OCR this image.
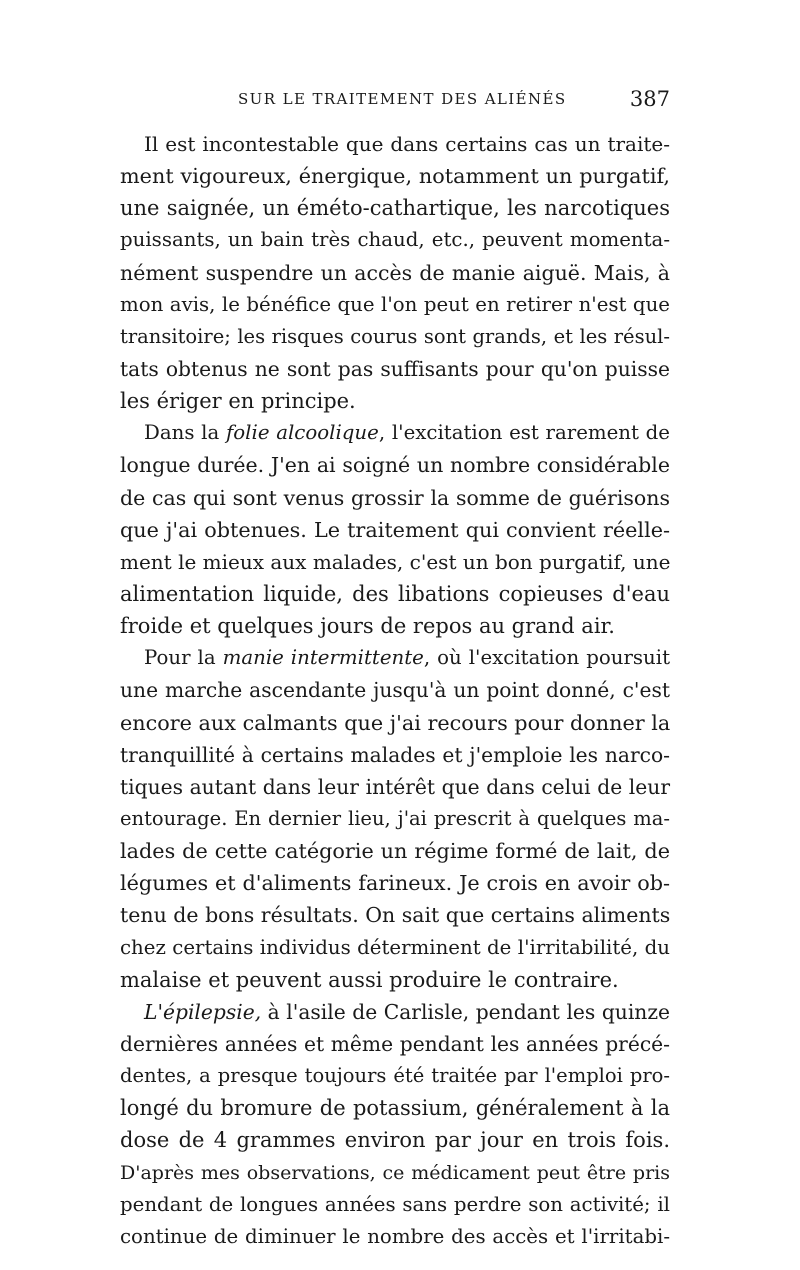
SUR LE TRAITEMENT DES ALIÉNÉS	387
Il est incontestable que dans certains cas un traite-
ment vigoureux, énergique, notamment un purgatif,
une saignée, un éméto-cathartique, les narcotiques
puissants, un bain très chaud, etc., peuvent momenta-
nément suspendre un accès de manie aiguë. Mais, à
mon avis, le bénéfice que l'on peut en retirer n'est que
transitoire; les risques courus sont grands, et les résul-
tats obtenus ne sont pas suffisants pour qu'on puisse
les ériger en principe.
Dans la folie alcoolique, l'excitation est rarement de
longue durée. J'en ai soigné un nombre considérable
de cas qui sont venus grossir la somme de guérisons
que j'ai obtenues. Le traitement qui convient réelle-
ment le mieux aux malades, c'est un bon purgatif, une
alimentation liquide, des libations copieuses d'eau
froide et quelques jours de repos au grand air.
Pour la manie intermittente, où l'excitation poursuit
une marche ascendante jusqu'à un point donné, c'est
encore aux calmants que j'ai recours pour donner la
tranquillité à certains malades et j'emploie les narco-
tiques autant dans leur intérêt que dans celui de leur
entourage. En dernier lieu, j'ai prescrit à quelques ma-
lades de cette catégorie un régime formé de lait, de
légumes et d'aliments farineux. Je crois en avoir ob-
tenu de bons résultats. On sait que certains aliments
chez certains individus déterminent de l'irritabilité, du
malaise et peuvent aussi produire le contraire.
L'épilepsie, à l'asile de Carlisle, pendant les quinze
dernières années et même pendant les années précé-
dentes, a presque toujours été traitée par l'emploi pro-
longé du bromure de potassium, généralement à la
dose de 4 grammes environ par jour en trois fois.
D'après mes observations, ce médicament peut être pris
pendant de longues années sans perdre son activité; il
continue de diminuer le nombre des accès et l'irritabi-
